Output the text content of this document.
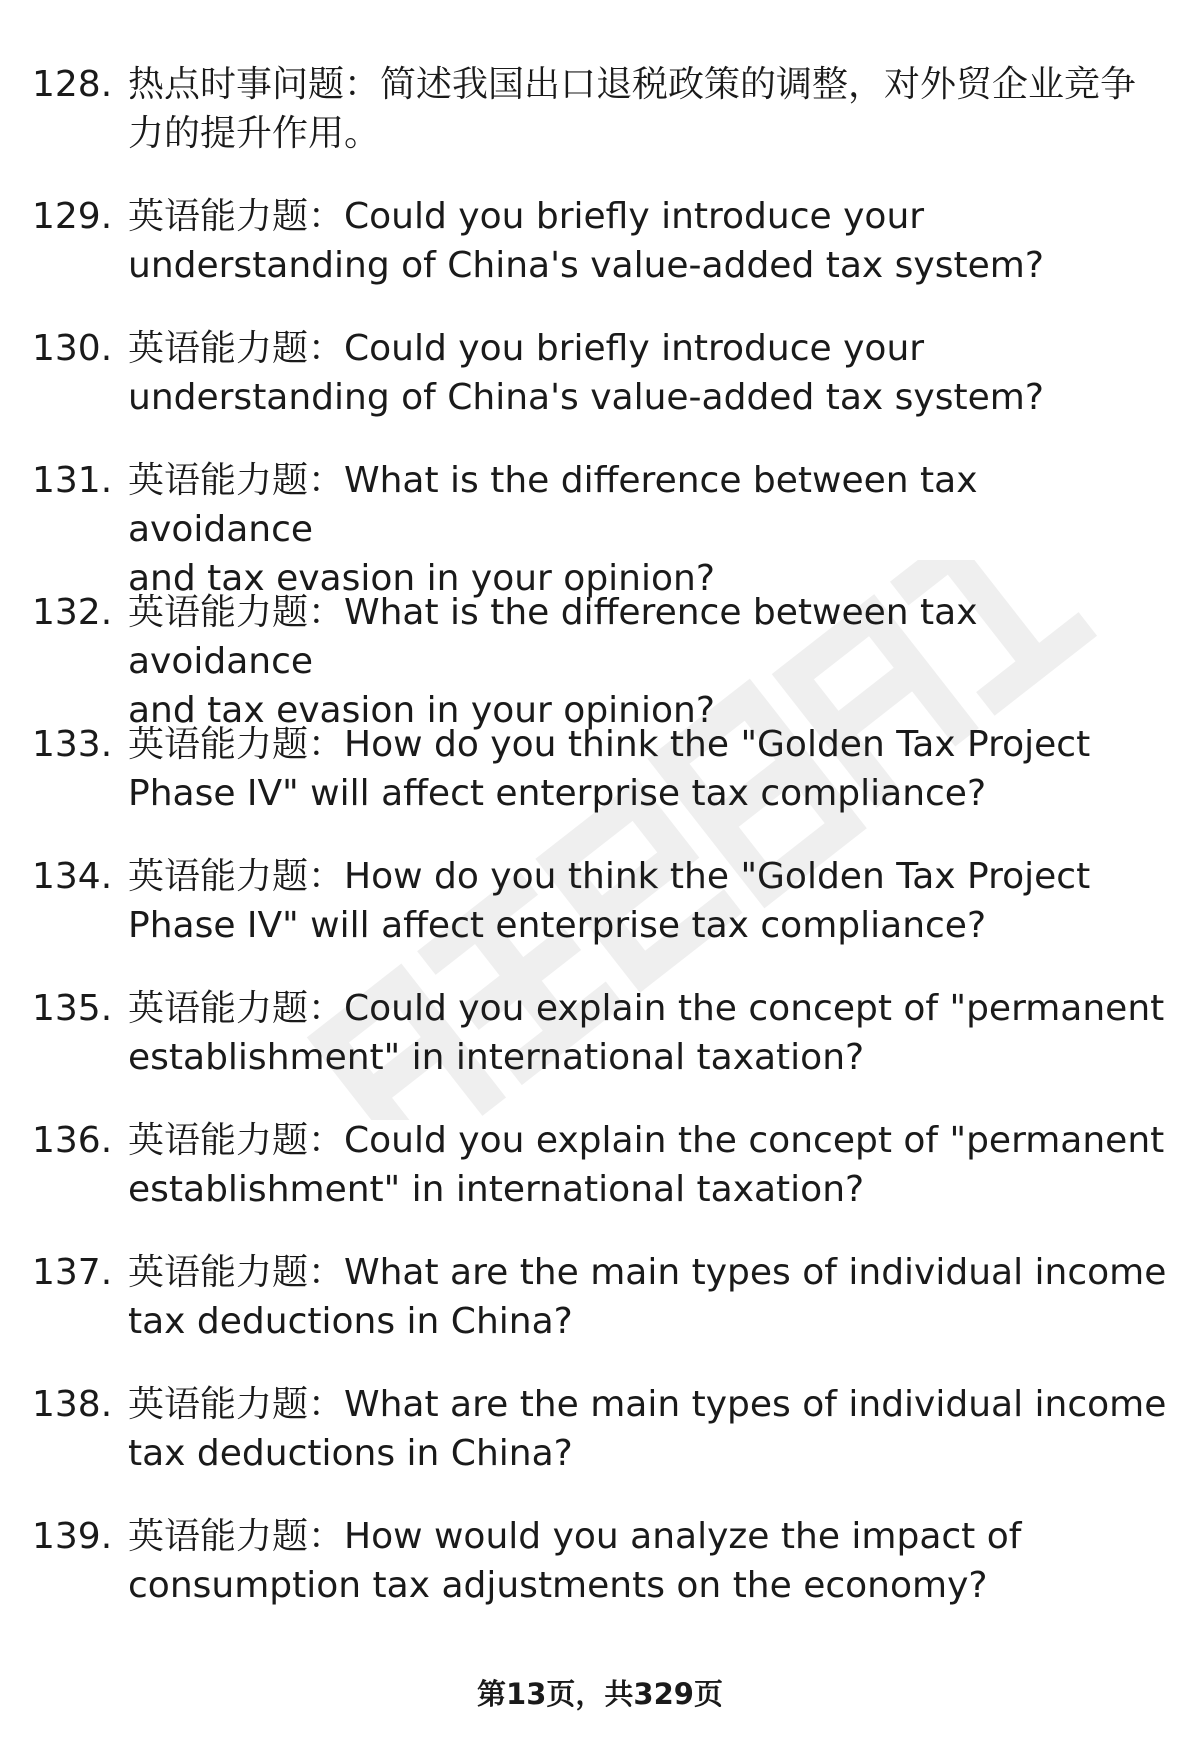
128. 热点时事问题：简述我国出口退税政策的调整，对外贸企业竞争
力的提升作用。
129. 英语能力题：Could you briefly introduce your
understanding of China's value-added tax system?
130. 英语能力题：Could you briefly introduce your
understanding of China's value-added tax system?
131. 英语能力题：What is the difference between tax avoidance
and tax evasion in your opinion?
132. 英语能力题：What is the difference between tax avoidance
and tax evasion in your opinion?
133. 英语能力题：How do you think the "Golden Tax Project
Phase IV" will affect enterprise tax compliance?
134. 英语能力题：How do you think the "Golden Tax Project
Phase IV" will affect enterprise tax compliance?
135. 英语能力题：Could you explain the concept of "permanent
establishment" in international taxation?
136. 英语能力题：Could you explain the concept of "permanent
establishment" in international taxation?
137. 英语能力题：What are the main types of individual income
tax deductions in China?
138. 英语能力题：What are the main types of individual income
tax deductions in China?
139. 英语能力题：How would you analyze the impact of
consumption tax adjustments on the economy?
第13页，共329页
